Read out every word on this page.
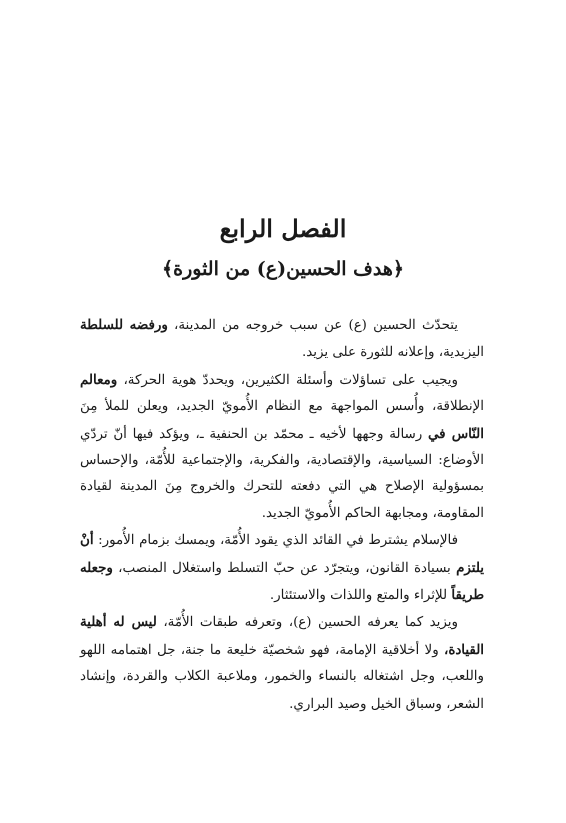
الفصل الرابع
﴿هدف الحسين(ع) من الثورة﴾

يتحدّث الحسين (ع) عن سبب خروجه من المدينة، ورفضه للسلطة اليزيدية، وإعلانه للثورة على يزيد.

ويجيب على تساؤلات وأسئلة الكثيرين، ويحددّ هوية الحركة، ومعالم الإنطلاقة، وأُسس المواجهة مع النظام الأُمويّ الجديد، ويعلن للملأ مِنَ النّاس في رسالة وجهها لأخيه ـ محمّد بن الحنفية ـ، ويؤكد فيها أنّ تردّي الأوضاع: السياسية، والإقتصادية، والفكرية، والإجتماعية للأُمّة، والإحساس بمسؤولية الإصلاح هي التي دفعته للتحرك والخروج مِنَ المدينة لقيادة المقاومة، ومجابهة الحاكم الأُمويّ الجديد.

فالإسلام يشترط في القائد الذي يقود الأُمّة، ويمسك بزمام الأُمور: أنْ يلتزم بسيادة القانون، ويتجرّد عن حبّ التسلط واستغلال المنصب، وجعله طريقاً للإثراء والمتع واللذات والاستئثار.

ويزيد كما يعرفه الحسين (ع)، وتعرفه طبقات الأُمّة، ليس له أهلية القيادة، ولا أخلاقية الإمامة، فهو شخصيّة خليعة ما جنة، جل اهتمامه اللهو واللعب، وجل اشتغاله بالنساء والخمور، وملاعبة الكلاب والقردة، وإنشاد الشعر، وسباق الخيل وصيد البراري.
